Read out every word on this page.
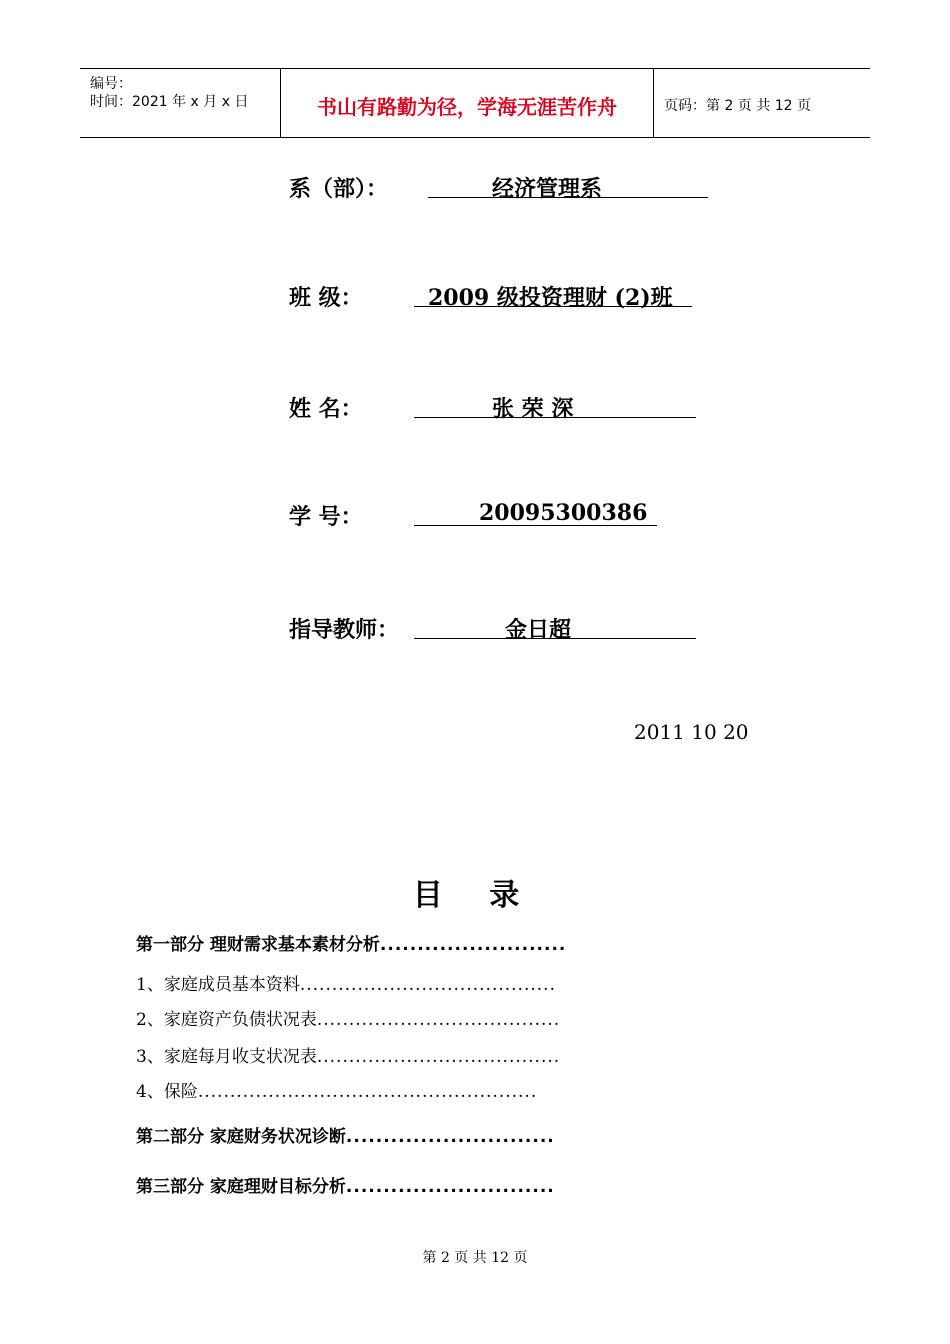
编号：
时间：2021 年 x 月 x 日	书山有路勤为径，学海无涯苦作舟	页码：第 2 页 共 12 页
系（部）：	经济管理系
班 级：	2009 级投资理财 (2)班
姓 名：	张 荣 深
学 号：	20095300386
指导教师：	金日超
2011 10 20
目 录
第一部分 理财需求基本素材分析.........................
1、家庭成员基本资料........................................
2、家庭资产负债状况表......................................
3、家庭每月收支状况表......................................
4、保险.....................................................
第二部分 家庭财务状况诊断............................
第三部分 家庭理财目标分析............................
第 2 页 共 12 页
